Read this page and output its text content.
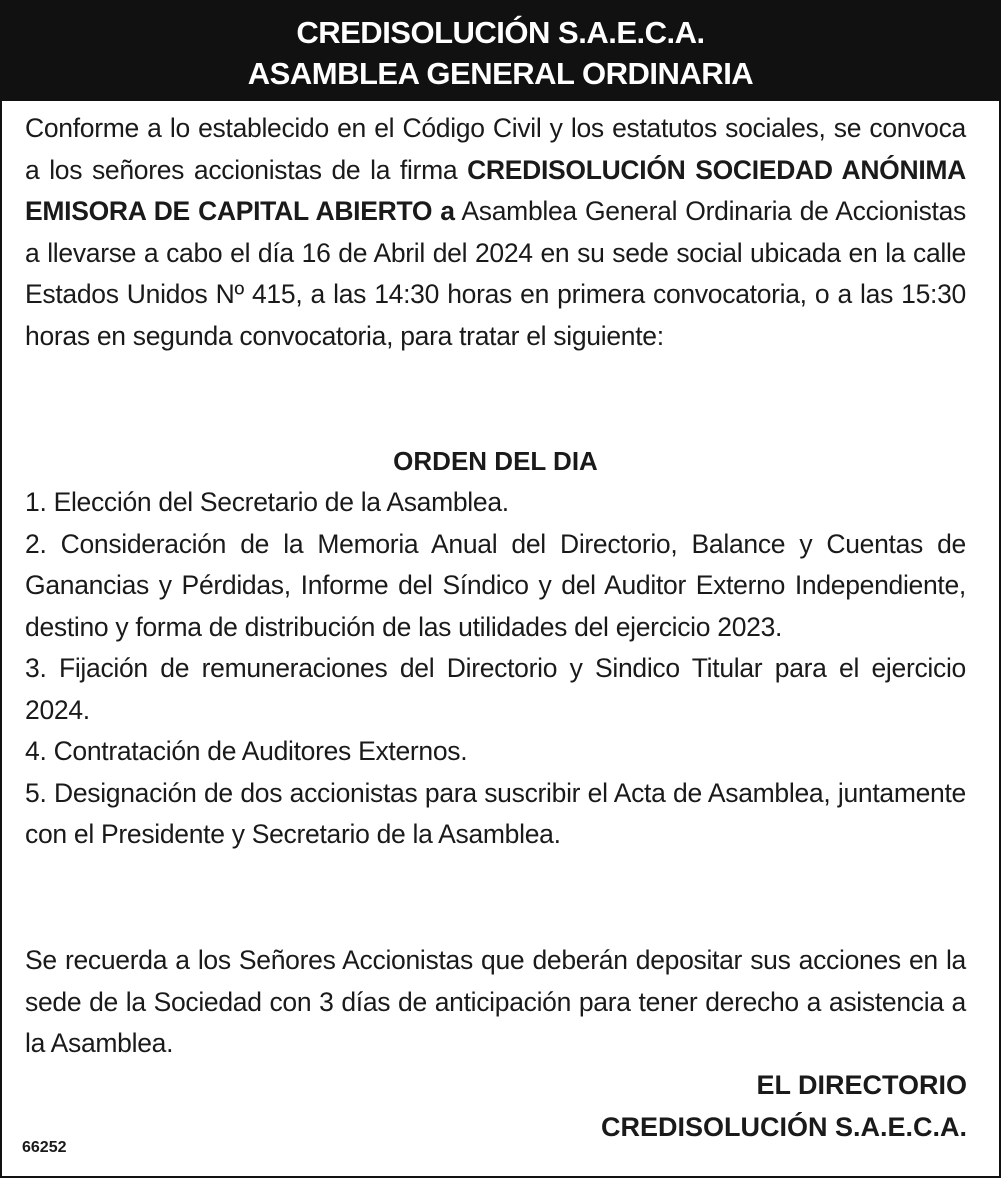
CREDISOLUCIÓN S.A.E.C.A.
ASAMBLEA GENERAL ORDINARIA
Conforme a lo establecido en el Código Civil y los estatutos sociales, se convoca a los señores accionistas de la firma CREDISOLUCIÓN SOCIEDAD ANÓNIMA EMISORA DE CAPITAL ABIERTO a Asamblea General Ordinaria de Accionistas a llevarse a cabo el día 16 de Abril del 2024 en su sede social ubicada en la calle Estados Unidos Nº 415, a las 14:30 horas en primera convocatoria, o a las 15:30 horas en segunda convocatoria, para tratar el siguiente:
ORDEN DEL DIA
1. Elección del Secretario de la Asamblea.
2. Consideración de la Memoria Anual del Directorio, Balance y Cuentas de Ganancias y Pérdidas, Informe del Síndico y del Auditor Externo Independiente, destino y forma de distribución de las utilidades del ejercicio 2023.
3. Fijación de remuneraciones del Directorio y Sindico Titular para el ejercicio 2024.
4. Contratación de Auditores Externos.
5. Designación de dos accionistas para suscribir el Acta de Asamblea, juntamente con el Presidente y Secretario de la Asamblea.
Se recuerda a los Señores Accionistas que deberán depositar sus acciones en la sede de la Sociedad con 3 días de anticipación para tener derecho a asistencia a la Asamblea.
EL DIRECTORIO
CREDISOLUCIÓN S.A.E.C.A.
66252
